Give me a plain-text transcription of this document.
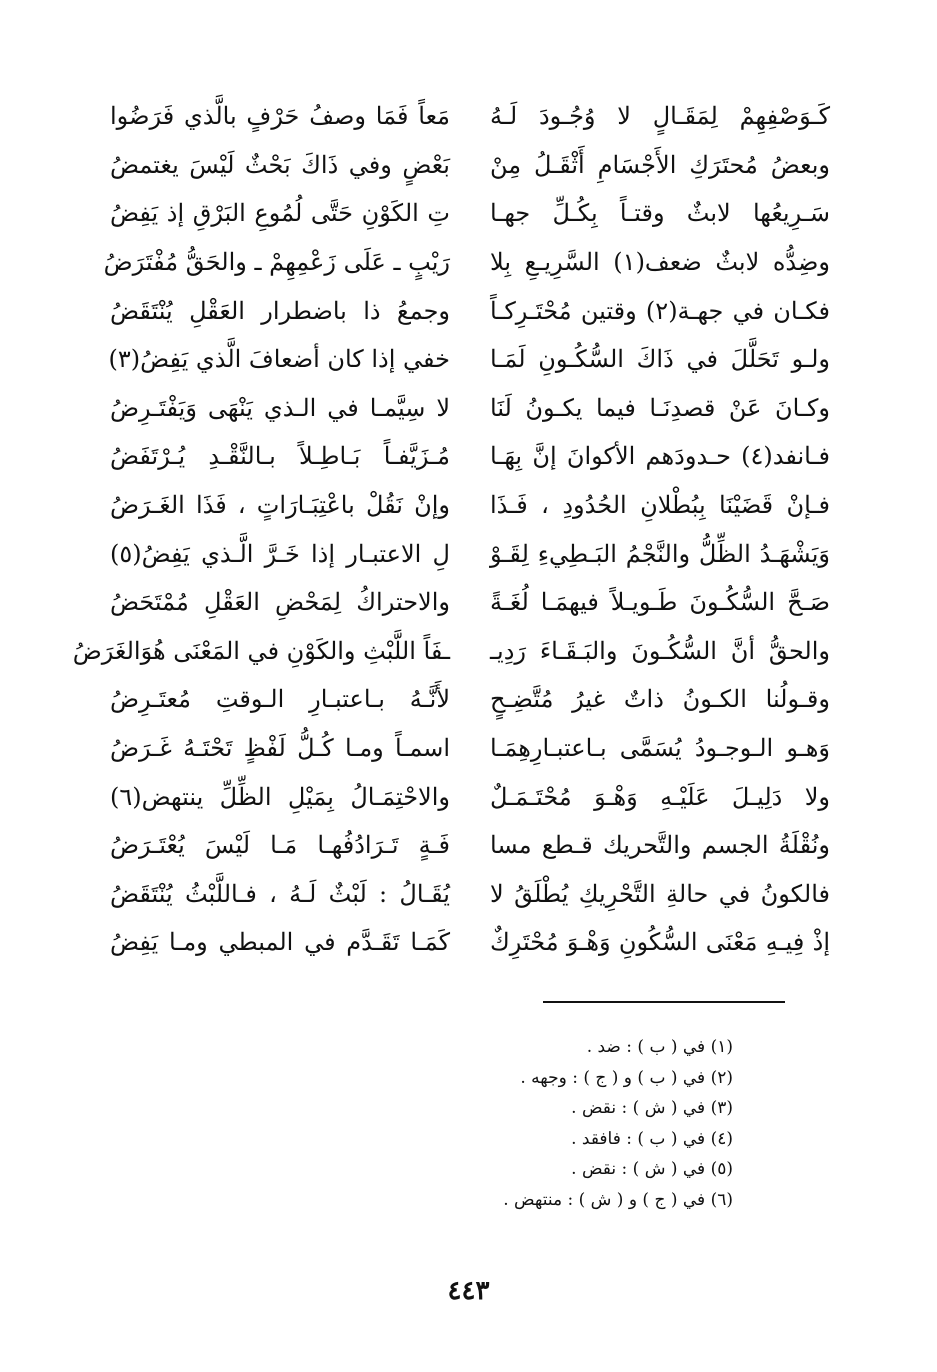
كَـوَصْفِهِمْ لِمَقَـالٍ لا وُجُـودَ لَـهُ
مَعاً فَمَا وصفُ حَرْفٍ بالَّذي فَرَضُوا
وبعضُ مُحتَرَكِ الأَجْسَامِ أَثْقَـلُ مِنْ
بَعْضٍ وفي ذَاكَ بَحْثٌ لَيْسَ يغتمضُ
سَـرِيعُها لابثٌ وقتـاً بِكُـلِّ جهـا
تِ الكَوْنِ حَتَّى لُمُوعِ البَرْقِ إذ يَفِضُ
وضِدُّه لابثٌ ضعف(١) السَّرِيـعِ بِلا
رَيْبٍ ـ عَلَى زَعْمِهِمْ ـ والحَقُّ مُفْتَرَضُ
فكـان في جهـة(٢) وقتين مُحْتَـرِكـاً
وجمعُ ذا باضطرار العَقْلِ يُنْتَقَضُ
ولـو تَحَلَّلَ في ذَاكَ السُّكُـونِ لَمَـا
خفي إذا كان أضعافَ الَّذي يَفِضُ(٣)
وكـانَ عَنْ قصدِنَـا فيما يكـونُ لَنَا
لا سِيَّمـا في الـذي يَنْهَى وَيَفْتَـرِضُ
فـانفد(٤) حـدودَهم الأكوانَ إنَّ بِهَـا
مُـزَيَّفـاً بَـاطِـلاً بـالنَّقْـدِ يُـرْتَفَضُ
فـإنْ قَضَيْنَا بِبُطْلانِ الحُدُودِ ، فَـذَا
وإنْ نَقُلْ باعْتِبَـارَاتٍ ، فَذَا الغَـرَضُ
وَيَشْهَـدُ الظِّلُّ والنَّجْمُ البَـطِيءِ لِقَـوْ
لِ الاعتبـار إذا خَـرَّ الَّـذي يَفِضُ(٥)
صَـحَّ السُّكُـونَ طَـويـلاً فيهمَـا لُغَـةً
والاحتراكُ لِمَحْضِ العَقْلِ مُمْتَحَضُ
والحقُّ أنَّ السُّكُـونَ والبَـقَـاءَ رَدِيـ
ـفَاً اللَّبْثِ والكَوْنِ في المَعْنَى هُوَالغَرَضُ
وقـولُنا الكـونُ ذاتٌ غيرُ مُتَّضِـحٍ
لأَنَّـهُ بـاعتبـارِ الـوقتِ مُعتَـرِضُ
وَهـو الـوجـودُ يُسَمَّى بـاعتبـارِهِمَـا
اسمـاً ومـا كُـلُّ لَفْظٍ تَحْتَـهُ غَـرَضُ
ولا دَلِيـلَ عَلَيْـهِ وَهْـوَ مُحْتَـمَـلٌ
والاحْتِمَـالُ بِمَيْلِ الظِّلِّ ينتهض(٦)
ونُقْلَةُ الجسم والتَّحريك قـطع مسا
فَـةٍ تَـرَادُفُهـا مَـا لَيْسَ يُعْتَـرَضُ
فالكونُ في حالةِ التَّحْرِيكِ يُطْلَقُ لا
يُقَـالُ : لَبْثٌ لَـهُ ، فـاللَّبْثُ يُنْتَقَضُ
إذْ فِيـهِ مَعْنَى السُّكُونِ وَهْـوَ مُحْتَرِكٌ
كَمَـا تَقَـدَّم في المبطي ومـا يَفِضُ
(١) في ( ب ) : ضد .
(٢) في ( ب ) و ( ج ) : وجهه .
(٣) في ( ش ) : نقض .
(٤) في ( ب ) : فافقد .
(٥) في ( ش ) : نقض .
(٦) في ( ج ) و ( ش ) : منتهض .
٤٤٣
